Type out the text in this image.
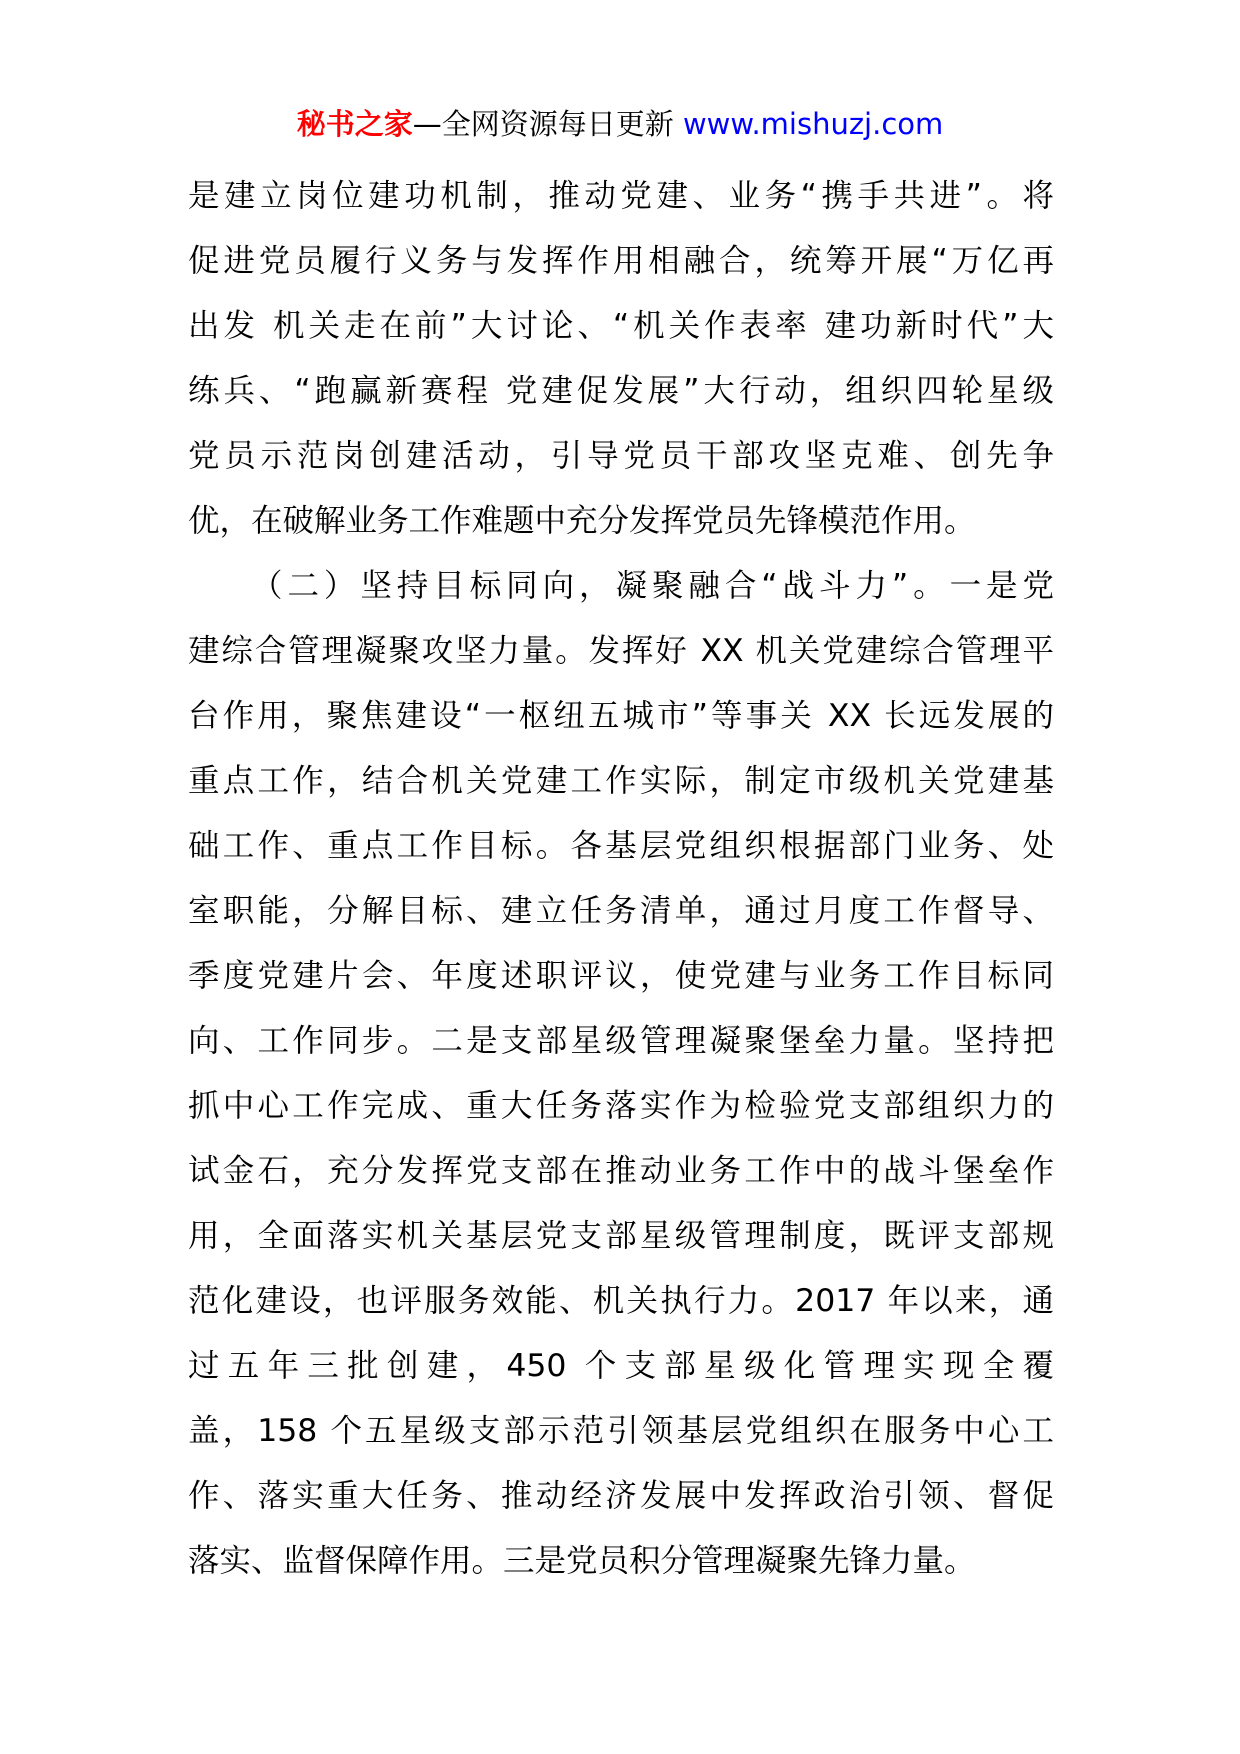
秘书之家—全网资源每日更新 www.mishuzj.com
是建立岗位建功机制，推动党建、业务“携手共进”。将
促进党员履行义务与发挥作用相融合，统筹开展“万亿再
出发 机关走在前”大讨论、“机关作表率 建功新时代”大
练兵、“跑赢新赛程 党建促发展”大行动，组织四轮星级
党员示范岗创建活动，引导党员干部攻坚克难、创先争
优，在破解业务工作难题中充分发挥党员先锋模范作用。
（二）坚持目标同向，凝聚融合“战斗力”。一是党
建综合管理凝聚攻坚力量。发挥好 XX 机关党建综合管理平
台作用，聚焦建设“一枢纽五城市”等事关 XX 长远发展的
重点工作，结合机关党建工作实际，制定市级机关党建基
础工作、重点工作目标。各基层党组织根据部门业务、处
室职能，分解目标、建立任务清单，通过月度工作督导、
季度党建片会、年度述职评议，使党建与业务工作目标同
向、工作同步。二是支部星级管理凝聚堡垒力量。坚持把
抓中心工作完成、重大任务落实作为检验党支部组织力的
试金石，充分发挥党支部在推动业务工作中的战斗堡垒作
用，全面落实机关基层党支部星级管理制度，既评支部规
范化建设，也评服务效能、机关执行力。2017 年以来，通
过五年三批创建，450 个支部星级化管理实现全覆
盖，158 个五星级支部示范引领基层党组织在服务中心工
作、落实重大任务、推动经济发展中发挥政治引领、督促
落实、监督保障作用。三是党员积分管理凝聚先锋力量。
